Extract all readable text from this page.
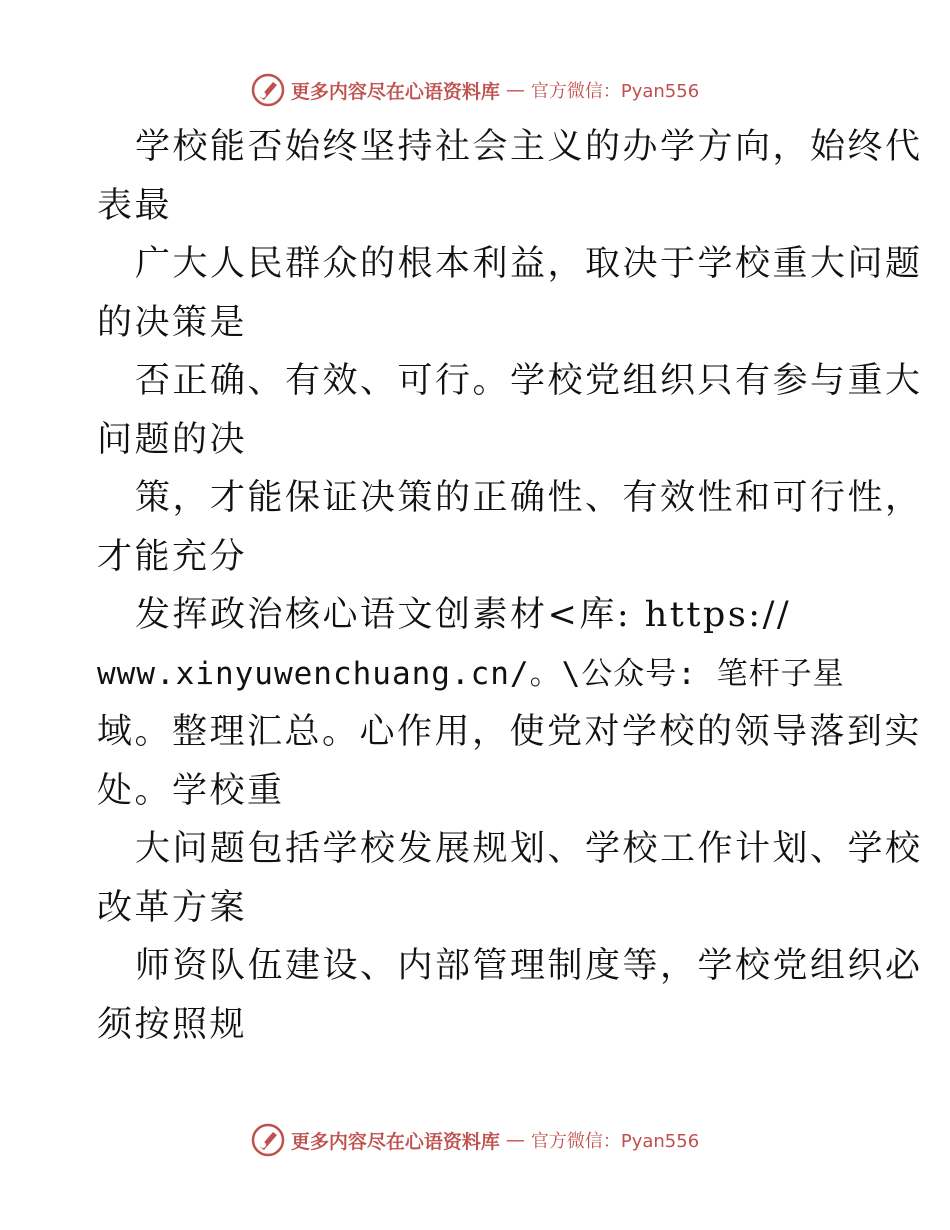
更多内容尽在心语资料库 — 官方微信：Pyan556
学校能否始终坚持社会主义的办学方向，始终代
表最
广大人民群众的根本利益，取决于学校重大问题
的决策是
否正确、有效、可行。学校党组织只有参与重大
问题的决
策，才能保证决策的正确性、有效性和可行性，
才能充分
发挥政治核心语文创素材<库: https://
www.xinyuwenchuang.cn/。\公众号: 笔杆子星
域。整理汇总。心作用，使党对学校的领导落到实
处。学校重
大问题包括学校发展规划、学校工作计划、学校
改革方案
师资队伍建设、内部管理制度等，学校党组织必
须按照规
更多内容尽在心语资料库 — 官方微信：Pyan556
